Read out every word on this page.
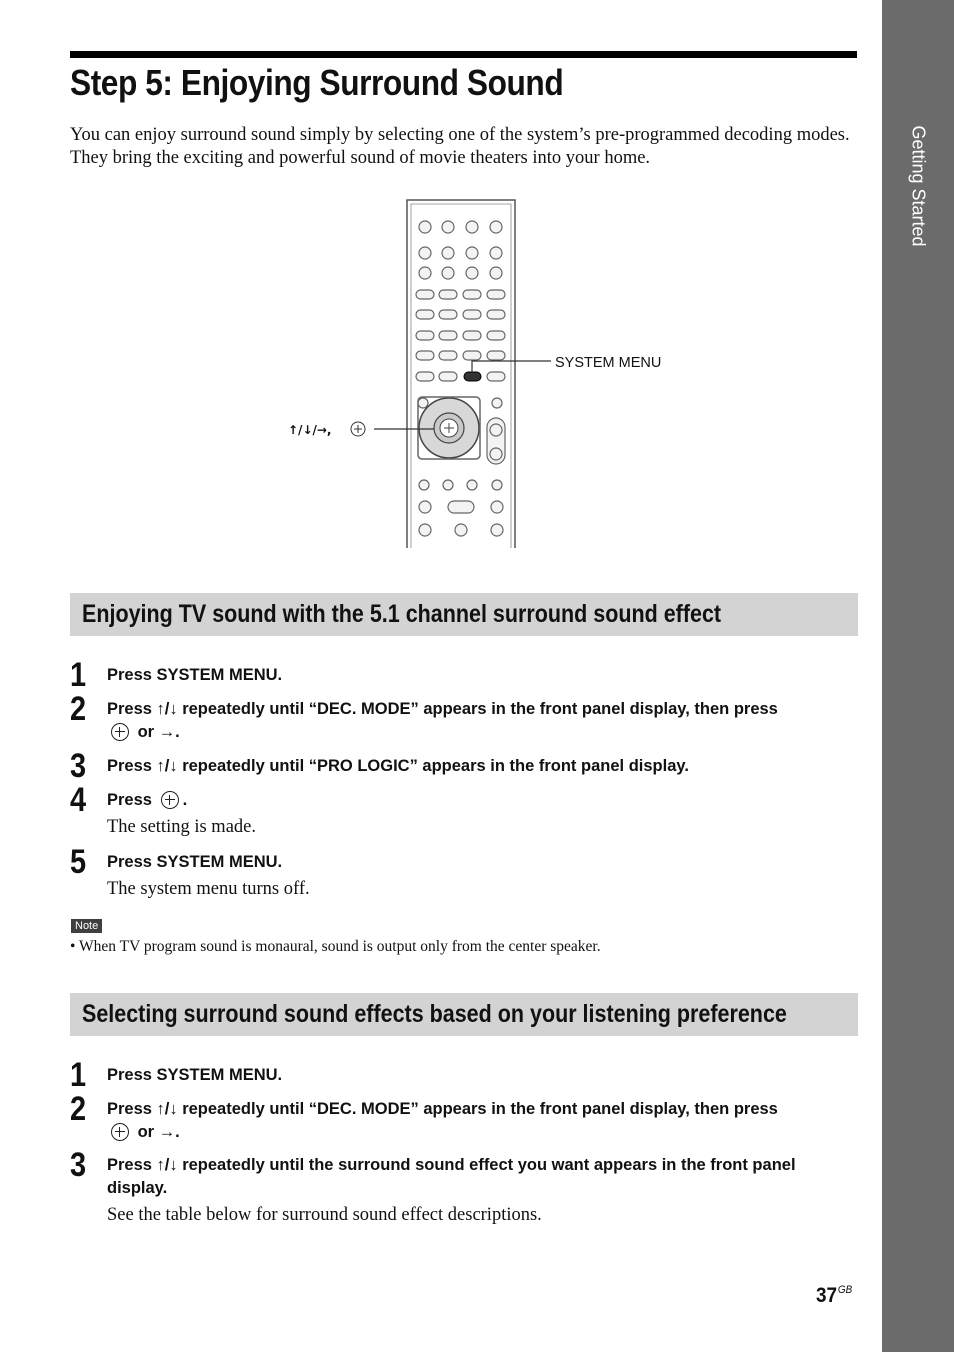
Getting Started
Step 5: Enjoying Surround Sound

You can enjoy surround sound simply by selecting one of the system’s pre-programmed decoding modes. They bring the exciting and powerful sound of movie theaters into your home.

SYSTEM MENU
↑/↓/→,
Enjoying TV sound with the 5.1 channel surround sound effect
1 Press SYSTEM MENU.
2 Press ↑/↓ repeatedly until “DEC. MODE” appears in the front panel display, then press
or →.
3 Press ↑/↓ repeatedly until “PRO LOGIC” appears in the front panel display.
4 Press .
The setting is made.
5 Press SYSTEM MENU.
The system menu turns off.
Note
• When TV program sound is monaural, sound is output only from the center speaker.
Selecting surround sound effects based on your listening preference
1 Press SYSTEM MENU.
2 Press ↑/↓ repeatedly until “DEC. MODE” appears in the front panel display, then press
or →.
3 Press ↑/↓ repeatedly until the surround sound effect you want appears in the front panel display.
See the table below for surround sound effect descriptions.
$37^{GB}$
